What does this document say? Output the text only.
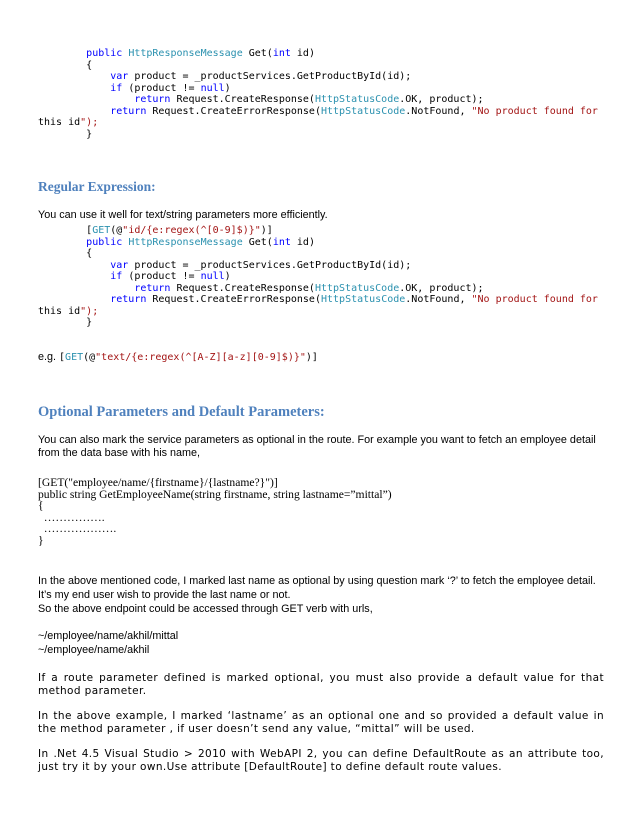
public HttpResponseMessage Get(int id)
{
var product = _productServices.GetProductById(id);
if (product != null)
return Request.CreateResponse(HttpStatusCode.OK, product);
return Request.CreateErrorResponse(HttpStatusCode.NotFound, "No product found for
this id");
}
Regular Expression:
You can use it well for text/string parameters more efficiently.
[GET(@"id/{e:regex(^[0-9]$)}")]
public HttpResponseMessage Get(int id)
{
var product = _productServices.GetProductById(id);
if (product != null)
return Request.CreateResponse(HttpStatusCode.OK, product);
return Request.CreateErrorResponse(HttpStatusCode.NotFound, "No product found for
this id");
}
e.g. [GET(@"text/{e:regex(^[A-Z][a-z][0-9]$)}")]
Optional Parameters and Default Parameters:
You can also mark the service parameters as optional in the route. For example you want to fetch an employee detail from the data base with his name,
[GET("employee/name/{firstname}/{lastname?}")]
public string GetEmployeeName(string firstname, string lastname=”mittal”)
{
…………….
……………….
}
In the above mentioned code, I marked last name as optional by using question mark ‘?’ to fetch the employee detail.
It’s my end user wish to provide the last name or not.
So the above endpoint could be accessed through GET verb with urls,
~/employee/name/akhil/mittal
~/employee/name/akhil
If a route parameter defined is marked optional, you must also provide a default value for that method parameter.
In the above example, I marked ‘lastname’ as an optional one and so provided a default value in the method parameter , if user doesn’t send any value, “mittal” will be used.
In .Net 4.5 Visual Studio > 2010 with WebAPI 2, you can define DefaultRoute as an attribute too, just try it by your own.Use attribute [DefaultRoute] to define default route values.
